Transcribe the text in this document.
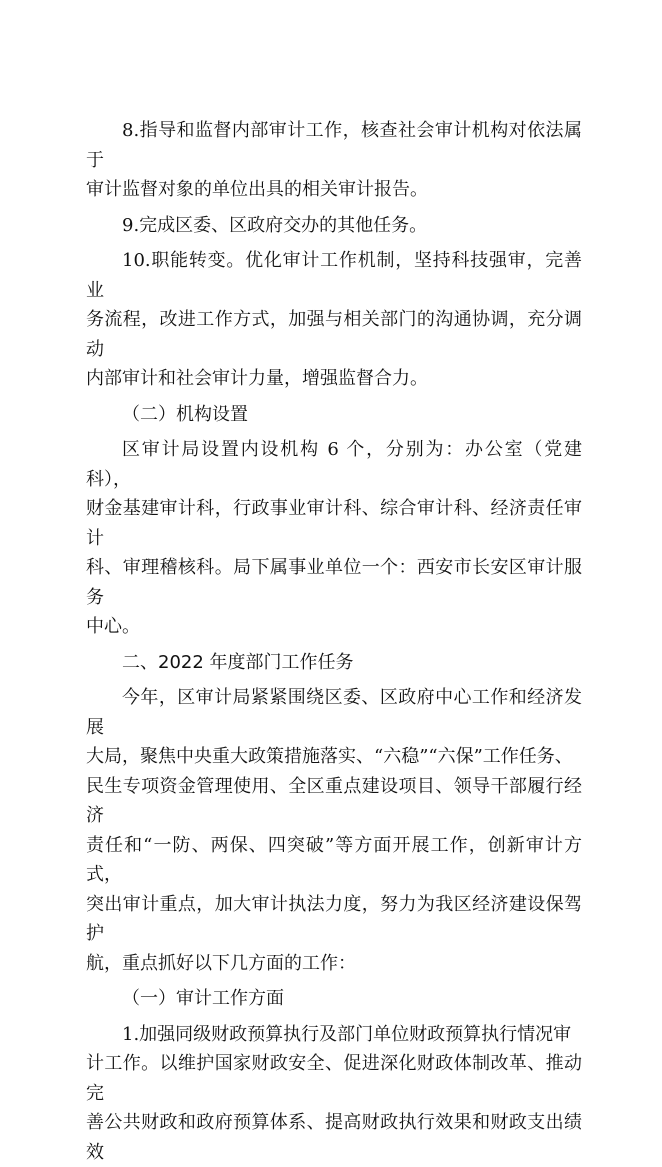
8.指导和监督内部审计工作，核查社会审计机构对依法属于
审计监督对象的单位出具的相关审计报告。

9.完成区委、区政府交办的其他任务。

10.职能转变。优化审计工作机制，坚持科技强审，完善业
务流程，改进工作方式，加强与相关部门的沟通协调，充分调动
内部审计和社会审计力量，增强监督合力。

（二）机构设置

区审计局设置内设机构 6 个，分别为：办公室（党建科），
财金基建审计科，行政事业审计科、综合审计科、经济责任审计
科、审理稽核科。局下属事业单位一个：西安市长安区审计服务
中心。

二、2022 年度部门工作任务

今年，区审计局紧紧围绕区委、区政府中心工作和经济发展
大局，聚焦中央重大政策措施落实、“六稳”“六保”工作任务、
民生专项资金管理使用、全区重点建设项目、领导干部履行经济
责任和“一防、两保、四突破”等方面开展工作，创新审计方式，
突出审计重点，加大审计执法力度，努力为我区经济建设保驾护
航，重点抓好以下几方面的工作：

（一）审计工作方面

1.加强同级财政预算执行及部门单位财政预算执行情况审
计工作。以维护国家财政安全、促进深化财政体制改革、推动完
善公共财政和政府预算体系、提高财政执行效果和财政支出绩效
